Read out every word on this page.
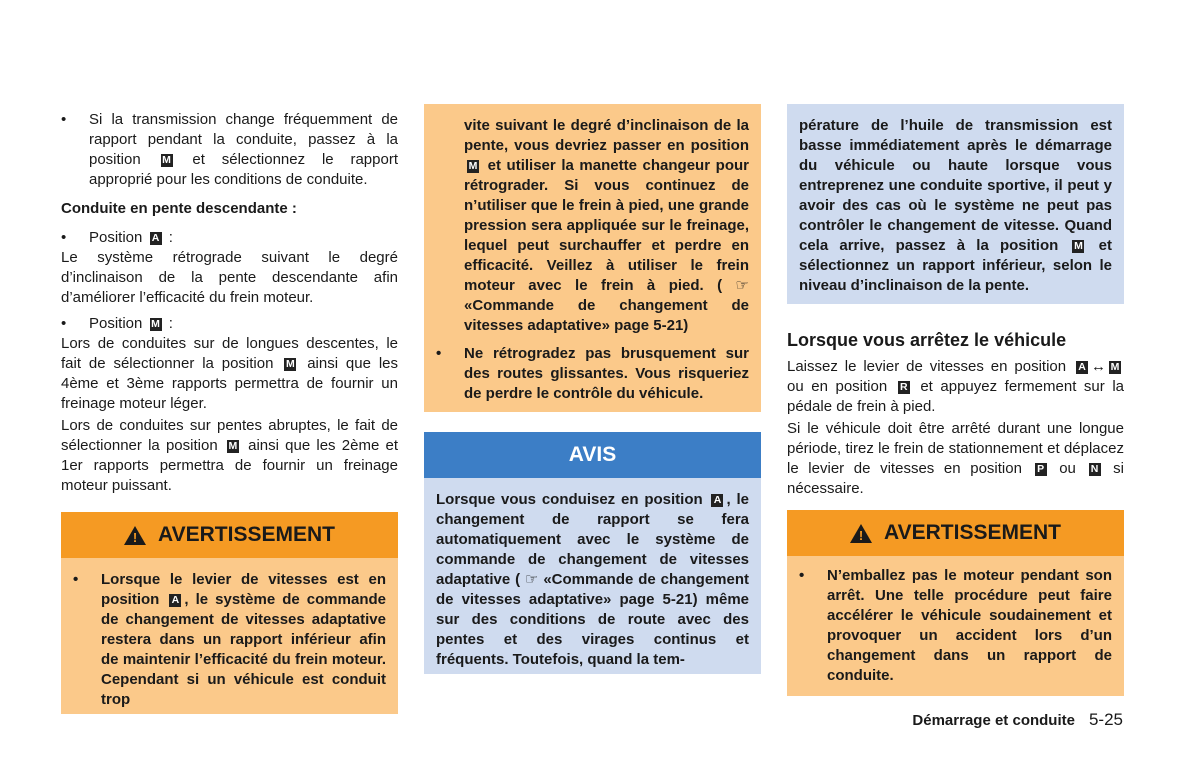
• Si la transmission change fréquemment de rapport pendant la conduite, passez à la position M et sélectionnez le rapport approprié pour les conditions de conduite.

Conduite en pente descendante :

• Position A :

Le système rétrograde suivant le degré d’inclinaison de la pente descendante afin d’améliorer l’efficacité du frein moteur.

• Position M :

Lors de conduites sur de longues descentes, le fait de sélectionner la position M ainsi que les 4ème et 3ème rapports permettra de fournir un freinage moteur léger.

Lors de conduites sur pentes abruptes, le fait de sélectionner la position M ainsi que les 2ème et 1er rapports permettra de fournir un freinage moteur puissant.

! AVERTISSEMENT

• Lorsque le levier de vitesses est en position A , le système de commande de changement de vitesses adaptative restera dans un rapport inférieur afin de maintenir l’efficacité du frein moteur. Cependant si un véhicule est conduit trop

vite suivant le degré d’inclinaison de la pente, vous devriez passer en position M et utiliser la manette changeur pour rétrograder. Si vous continuez de n’utiliser que le frein à pied, une grande pression sera appliquée sur le freinage, lequel peut surchauffer et perdre en efficacité. Veillez à utiliser le frein moteur avec le frein à pied. ( ☞ «Commande de changement de vitesses adaptative» page 5-21)

• Ne rétrogradez pas brusquement sur des routes glissantes. Vous risqueriez de perdre le contrôle du véhicule.

AVIS

Lorsque vous conduisez en position A , le changement de rapport se fera automatiquement avec le système de commande de changement de vitesses adaptative ( ☞ «Commande de changement de vitesses adaptative» page 5-21) même sur des conditions de route avec des pentes et des virages continus et fréquents. Toutefois, quand la tem-

pérature de l’huile de transmission est basse immédiatement après le démarrage du véhicule ou haute lorsque vous entreprenez une conduite sportive, il peut y avoir des cas où le système ne peut pas contrôler le changement de vitesse. Quand cela arrive, passez à la position M et sélectionnez un rapport inférieur, selon le niveau d’inclinaison de la pente.

Lorsque vous arrêtez le véhicule

Laissez le levier de vitesses en position A ↔ M ou en position R et appuyez fermement sur la pédale de frein à pied.

Si le véhicule doit être arrêté durant une longue période, tirez le frein de stationnement et déplacez le levier de vitesses en position P ou N si nécessaire.

! AVERTISSEMENT

• N’emballez pas le moteur pendant son arrêt. Une telle procédure peut faire accélérer le véhicule soudainement et provoquer un accident lors d’un changement dans un rapport de conduite.

Démarrage et conduite 5-25
